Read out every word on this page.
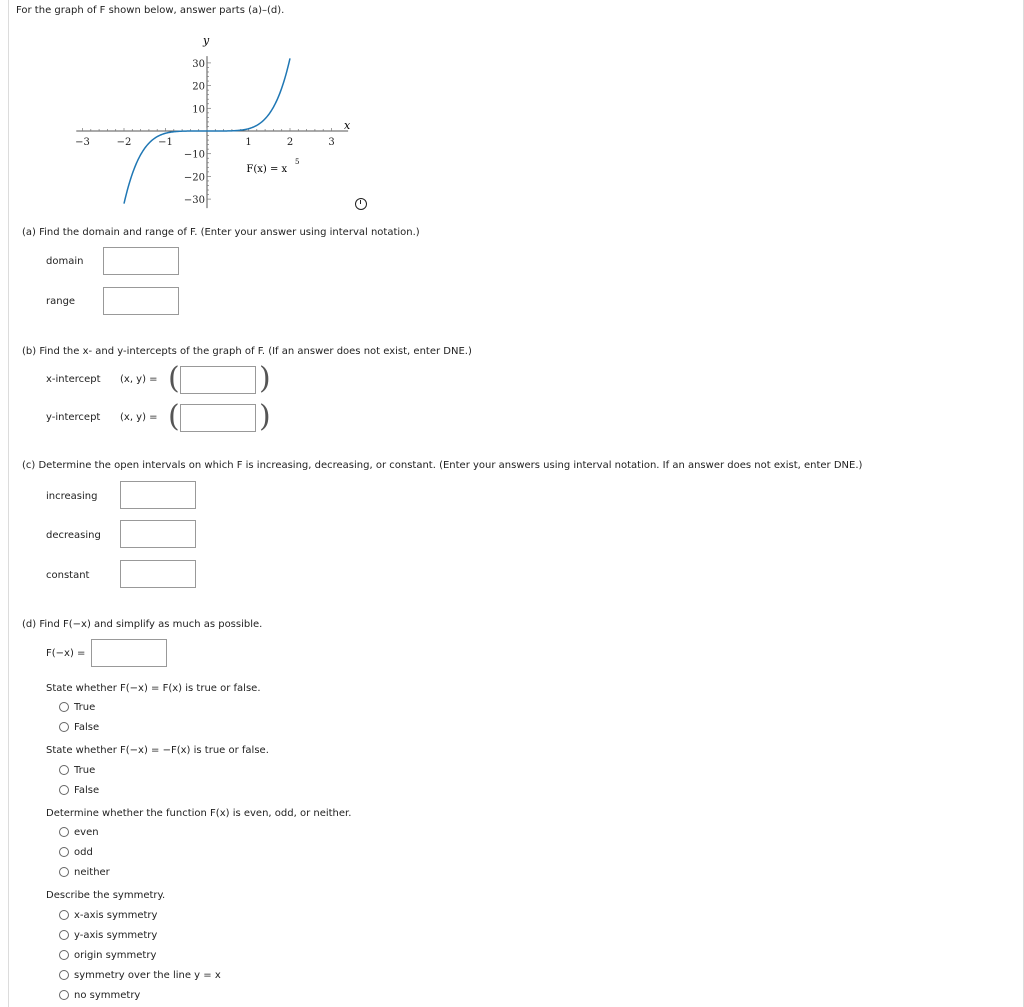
For the graph of F shown below, answer parts (a)–(d).
−3	−2	−1	1	2	3
30
20
10
−10
−20
−30
x
y
F(x) = x
5
(a) Find the domain and range of F. (Enter your answer using interval notation.)
domain
range
(b) Find the x- and y-intercepts of the graph of F. (If an answer does not exist, enter DNE.)
x-intercept (x, y) = (	)
y-intercept (x, y) = (	)
(c) Determine the open intervals on which F is increasing, decreasing, or constant. (Enter your answers using interval notation. If an answer does not exist, enter DNE.)
increasing
decreasing
constant
(d) Find F(−x) and simplify as much as possible.
F(−x) =
State whether F(−x) = F(x) is true or false.
True
False
State whether F(−x) = −F(x) is true or false.
True
False
Determine whether the function F(x) is even, odd, or neither.
even
odd
neither
Describe the symmetry.
x-axis symmetry
y-axis symmetry
origin symmetry
symmetry over the line y = x
no symmetry
